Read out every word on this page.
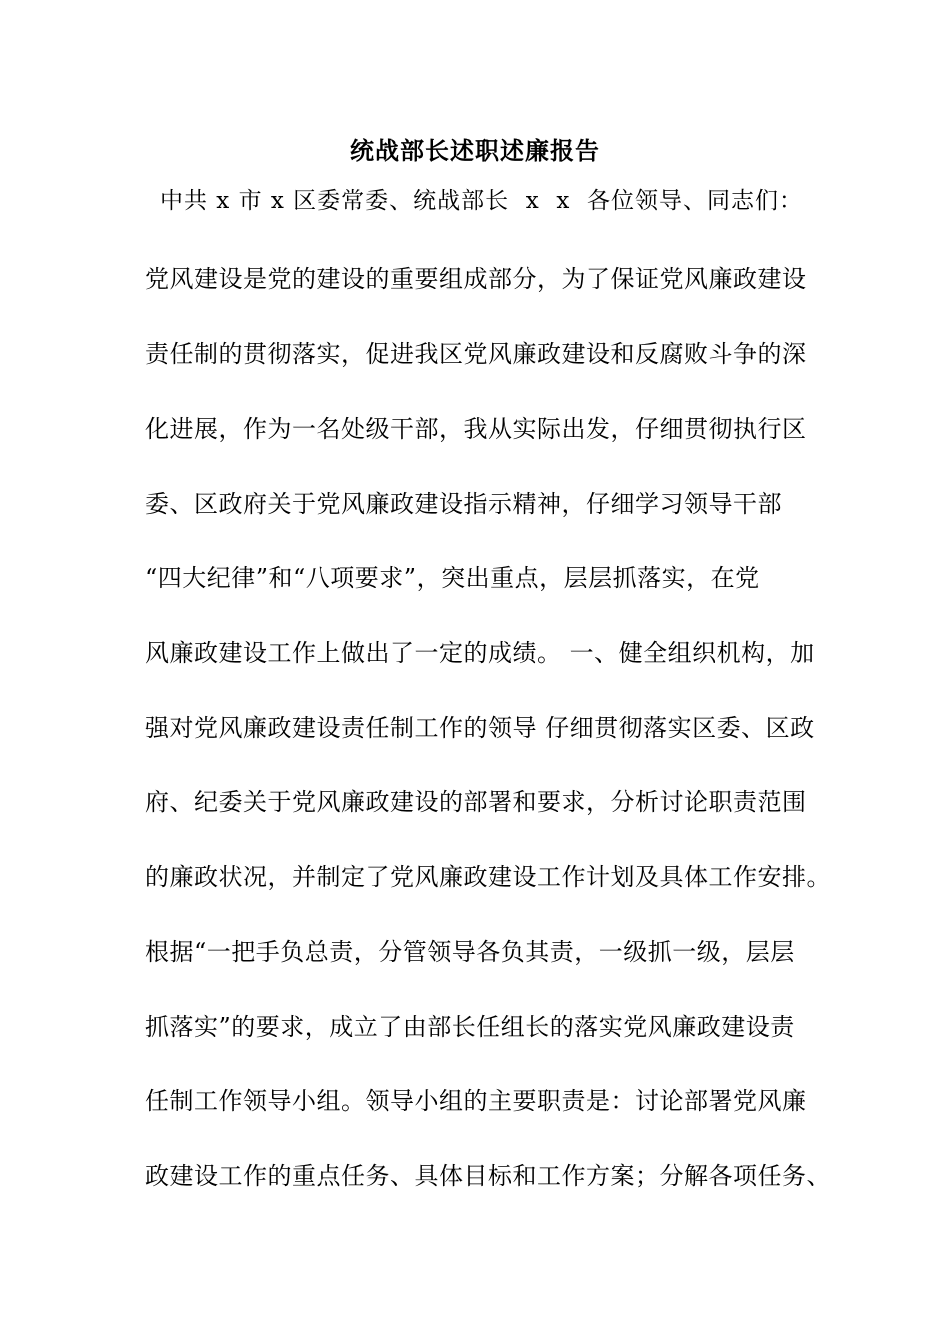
统战部长述职述廉报告
中共 x 市 x 区委常委、统战部长  x  x  各位领导、同志们：
党风建设是党的建设的重要组成部分，为了保证党风廉政建设
责任制的贯彻落实，促进我区党风廉政建设和反腐败斗争的深
化进展，作为一名处级干部，我从实际出发，仔细贯彻执行区
委、区政府关于党风廉政建设指示精神，仔细学习领导干部
“四大纪律”和“八项要求”，突出重点，层层抓落实，在党
风廉政建设工作上做出了一定的成绩。 一、健全组织机构，加
强对党风廉政建设责任制工作的领导 仔细贯彻落实区委、区政
府、纪委关于党风廉政建设的部署和要求，分析讨论职责范围
的廉政状况，并制定了党风廉政建设工作计划及具体工作安排。
根据“一把手负总责，分管领导各负其责，一级抓一级，层层
抓落实”的要求，成立了由部长任组长的落实党风廉政建设责
任制工作领导小组。领导小组的主要职责是：讨论部署党风廉
政建设工作的重点任务、具体目标和工作方案；分解各项任务、
